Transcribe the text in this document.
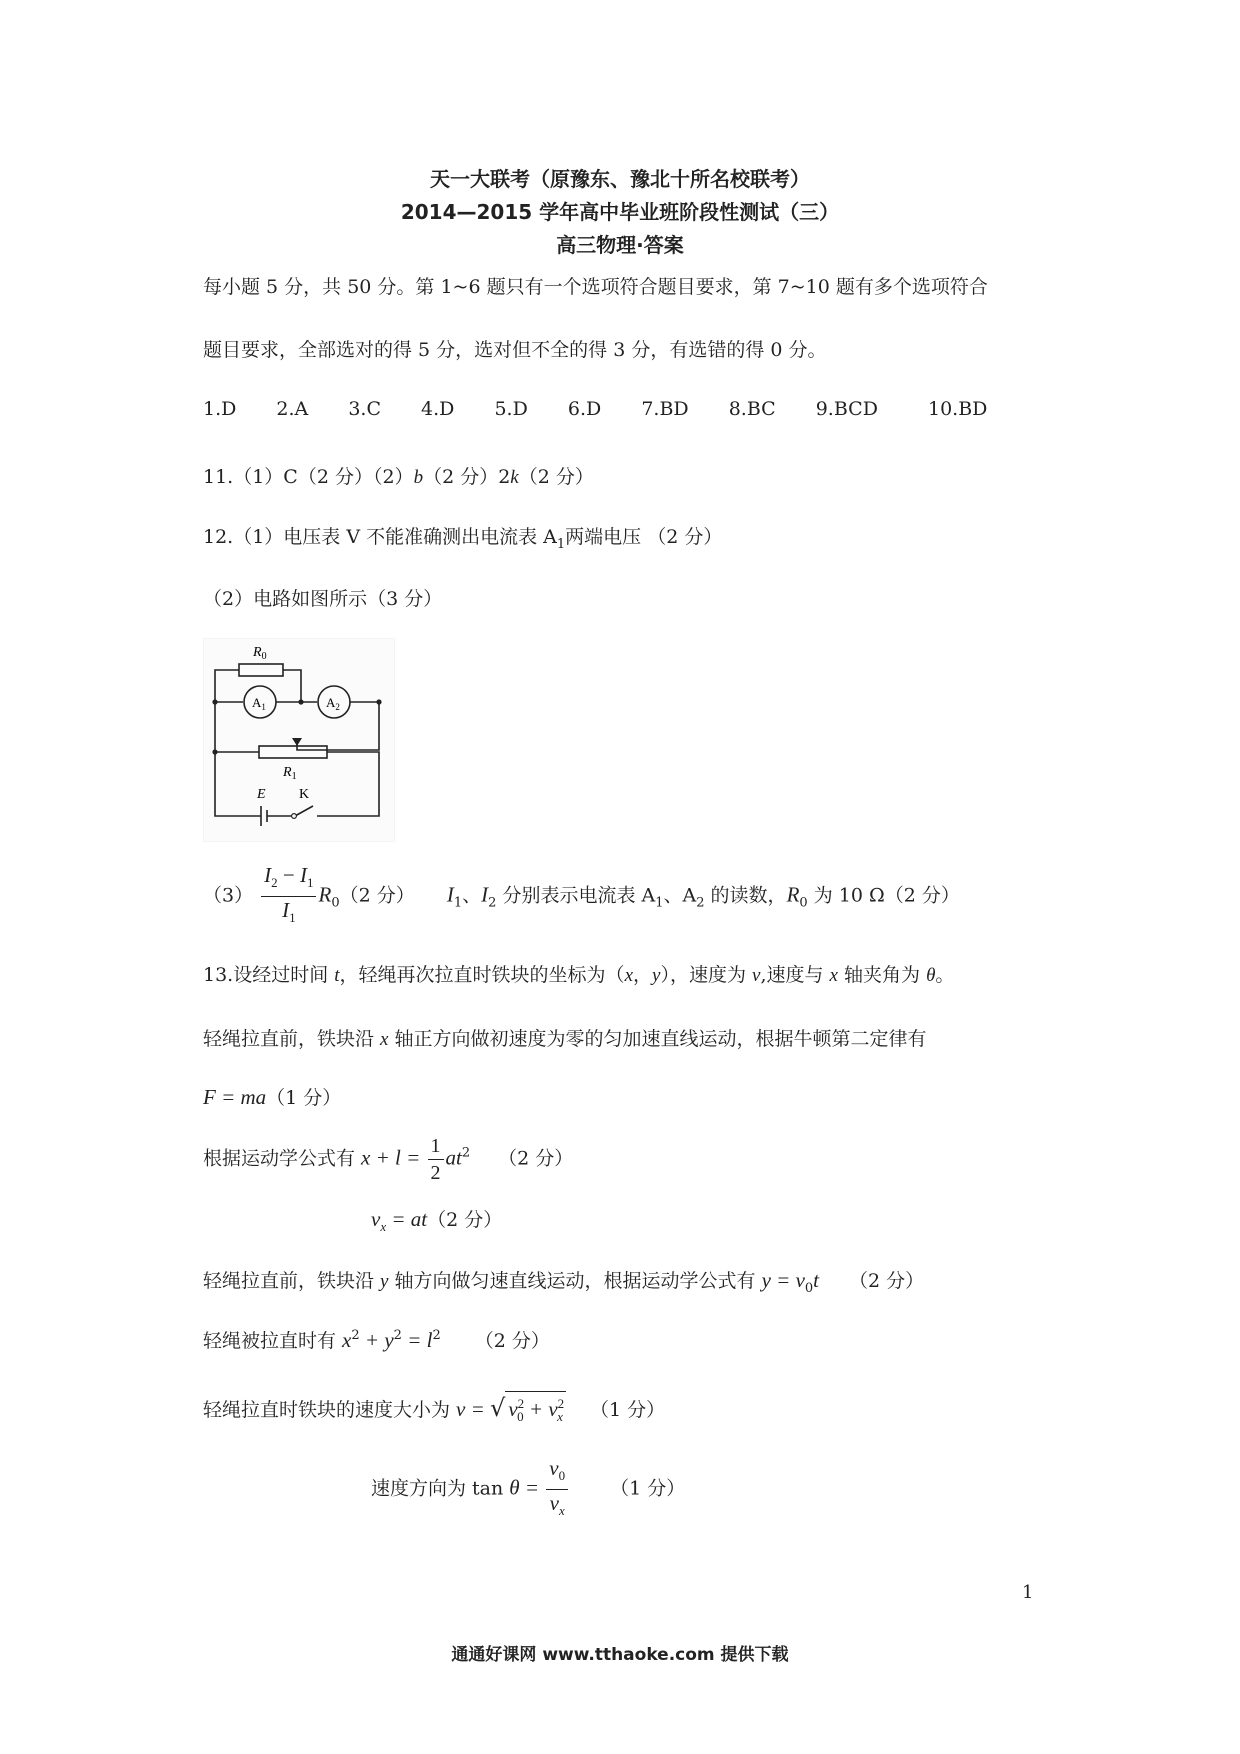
天一大联考（原豫东、豫北十所名校联考）
2014—2015 学年高中毕业班阶段性测试（三）
高三物理·答案
每小题 5 分，共 50 分。第 1~6 题只有一个选项符合题目要求，第 7~10 题有多个选项符合
题目要求，全部选对的得 5 分，选对但不全的得 3 分，有选错的得 0 分。
1.D 2.A 3.C 4.D 5.D 6.D 7.BD 8.BC 9.BCD	10.BD
11.（1）C（2 分）（2）b（2 分）2k（2 分）
12.（1）电压表 V 不能准确测出电流表 $A_1$两端电压 （2 分）
（2）电路如图所示（3 分）
$R_0$
$A_1$	$A_2$
$R_1$
E K
$(3) \frac{I_2 - I_1}{I_1} R_0(2$ 分） $I_1$、$I_2$ 分别表示电流表 $A_1$、$A_2$ 的读数，$R_0$ 为 10 Ω（2 分）
13.设经过时间 t，轻绳再次拉直时铁块的坐标为（x，y），速度为 v,速度与 x 轴夹角为 θ。
轻绳拉直前，铁块沿 x 轴正方向做初速度为零的匀加速直线运动，根据牛顿第二定律有
F = ma（1 分）
根据运动学公式有 $x + l = \frac{1}{2} at^2$ （2 分）
$v_x = at(2$ 分）
轻绳拉直前，铁块沿 y 轴方向做匀速直线运动，根据运动学公式有 $y = v_0t$ （2 分）
轻绳被拉直时有 $x^2 + y^2 = l^2$ （2 分）
轻绳拉直时铁块的速度大小为 v = √ $v^2_0 + v^2_x$ （1 分）
速度方向为 $\tan \theta = \frac{v_0}{v_x} (1$ 分）
1
通通好课网 www.tthaoke.com 提供下载
